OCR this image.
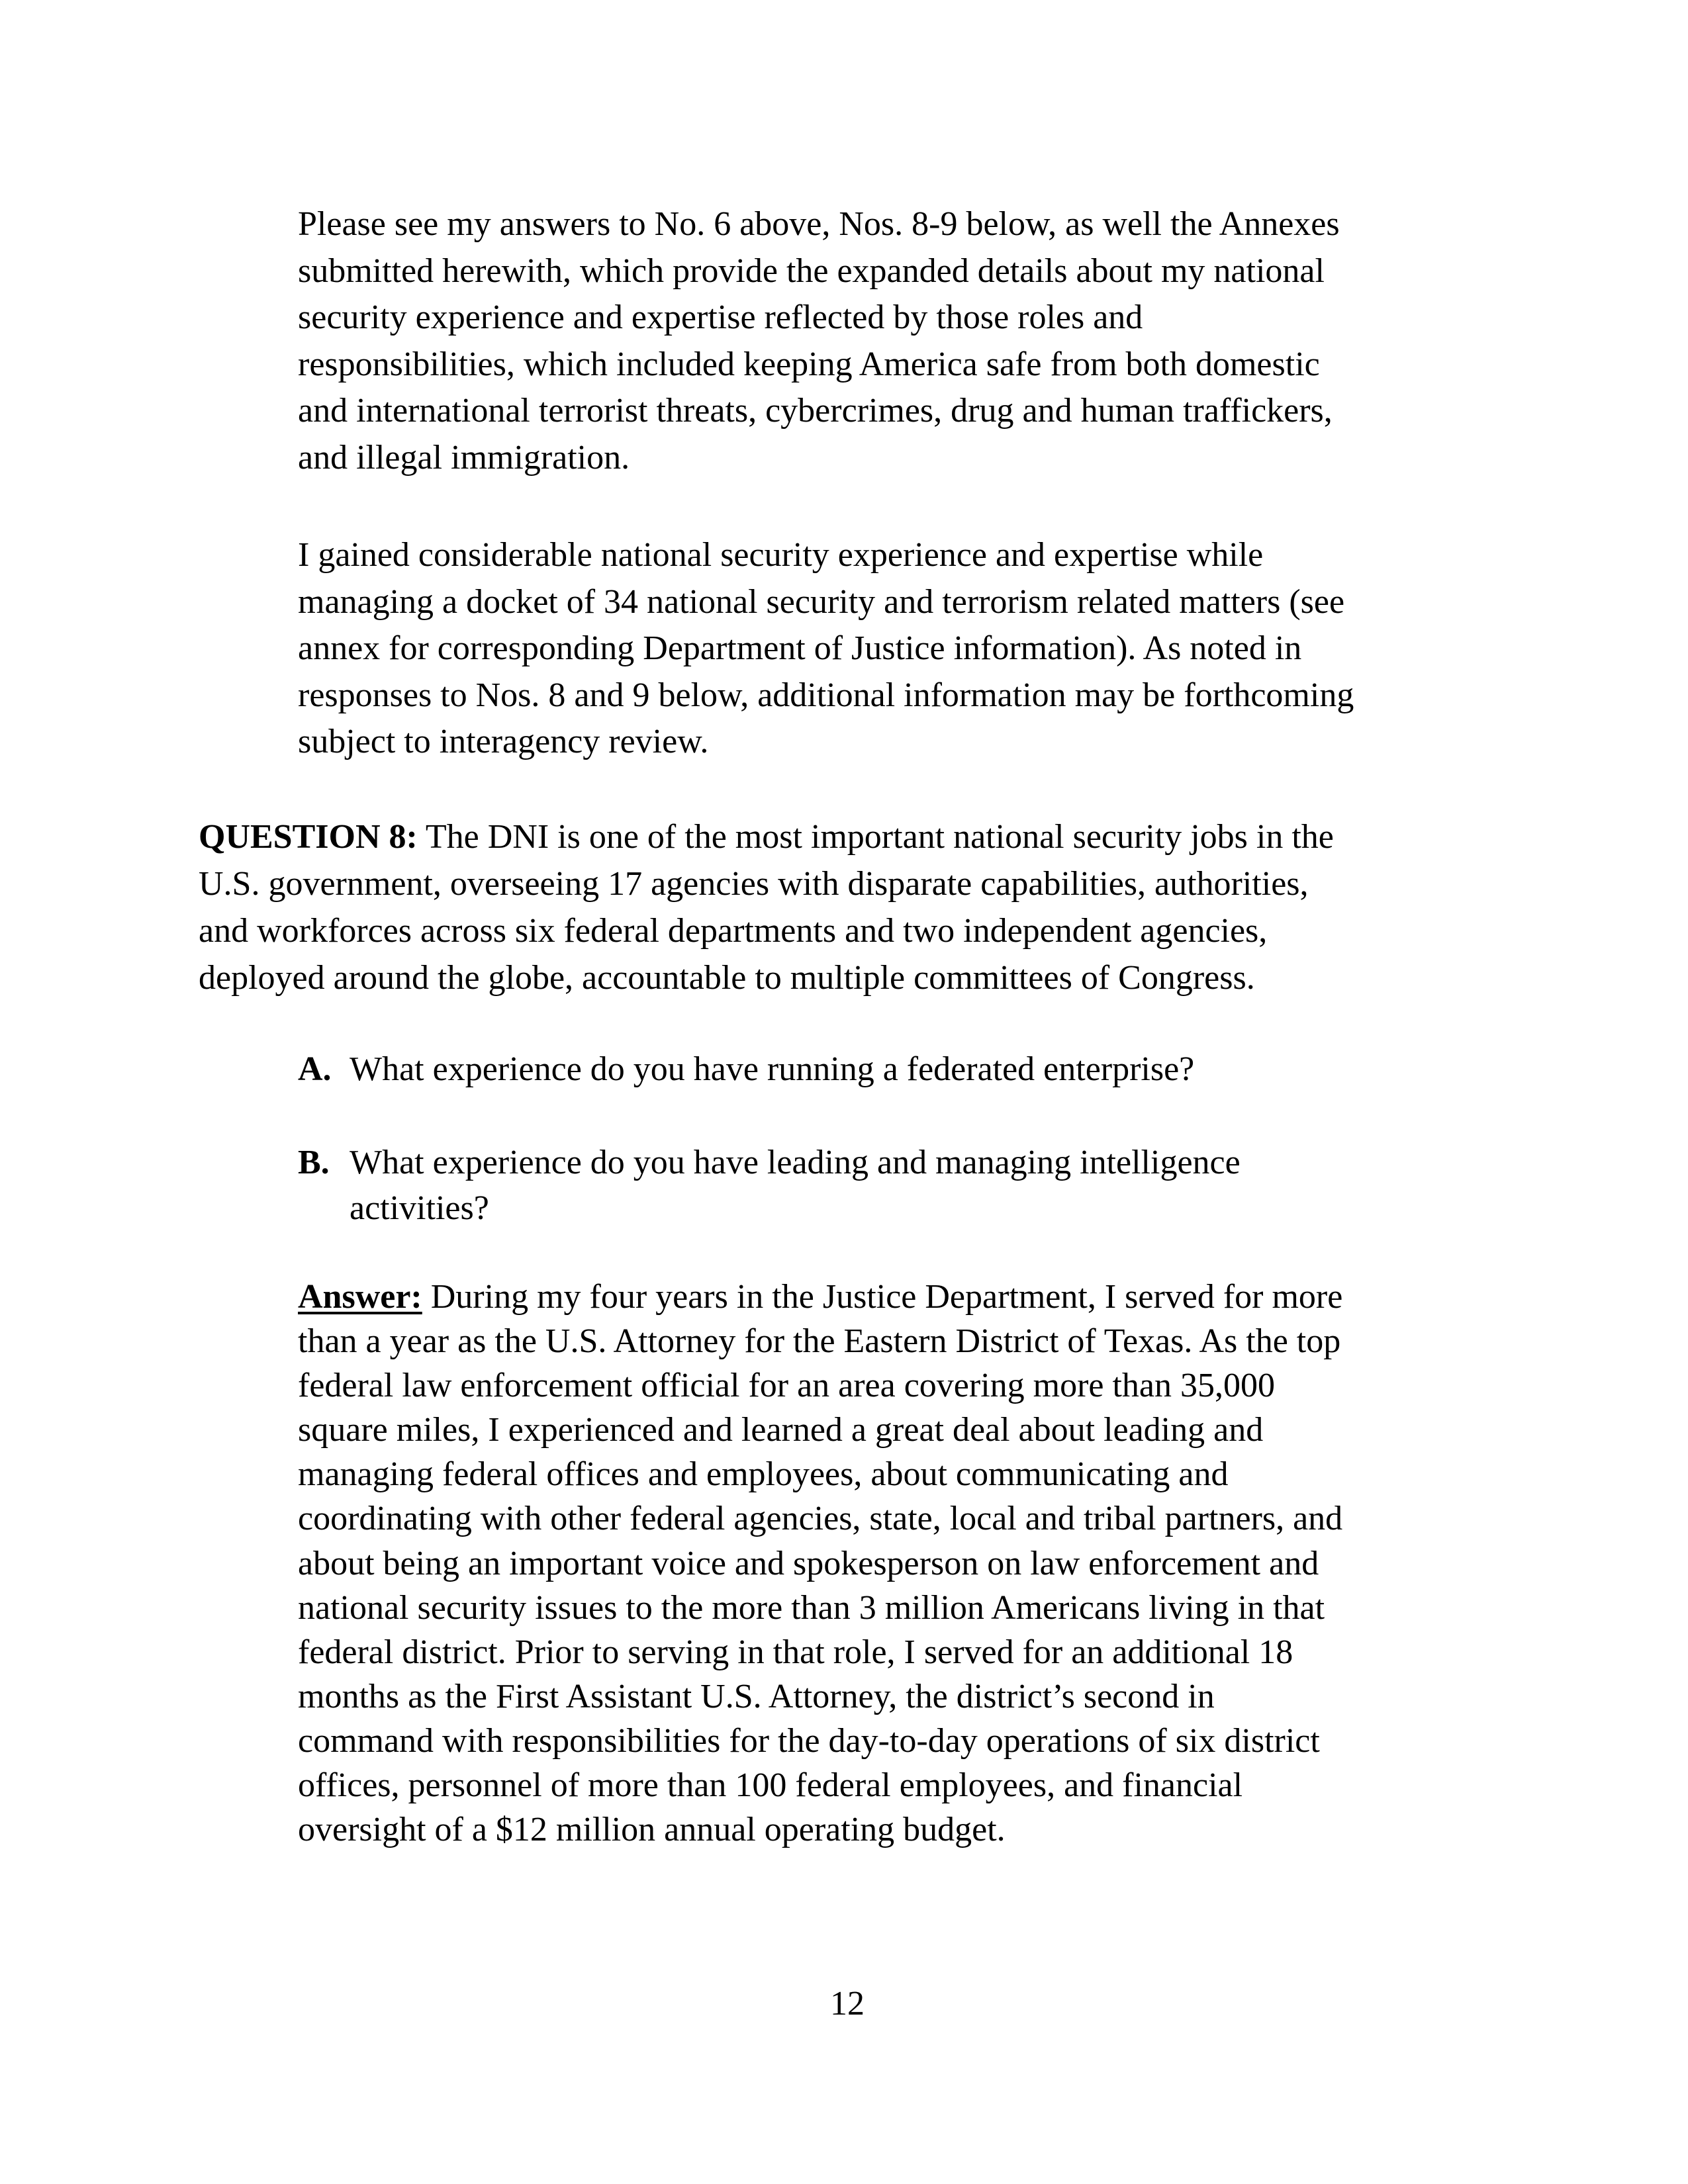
Please see my answers to No. 6 above, Nos. 8-9 below, as well the Annexes
submitted herewith, which provide the expanded details about my national
security experience and expertise reflected by those roles and
responsibilities, which included keeping America safe from both domestic
and international terrorist threats, cybercrimes, drug and human traffickers,
and illegal immigration.
I gained considerable national security experience and expertise while
managing a docket of 34 national security and terrorism related matters (see
annex for corresponding Department of Justice information). As noted in
responses to Nos. 8 and 9 below, additional information may be forthcoming
subject to interagency review.
QUESTION 8: The DNI is one of the most important national security jobs in the
U.S. government, overseeing 17 agencies with disparate capabilities, authorities,
and workforces across six federal departments and two independent agencies,
deployed around the globe, accountable to multiple committees of Congress.
A. What experience do you have running a federated enterprise?
B. What experience do you have leading and managing intelligence
activities?
Answer: During my four years in the Justice Department, I served for more
than a year as the U.S. Attorney for the Eastern District of Texas. As the top
federal law enforcement official for an area covering more than 35,000
square miles, I experienced and learned a great deal about leading and
managing federal offices and employees, about communicating and
coordinating with other federal agencies, state, local and tribal partners, and
about being an important voice and spokesperson on law enforcement and
national security issues to the more than 3 million Americans living in that
federal district. Prior to serving in that role, I served for an additional 18
months as the First Assistant U.S. Attorney, the district’s second in
command with responsibilities for the day-to-day operations of six district
offices, personnel of more than 100 federal employees, and financial
oversight of a $12 million annual operating budget.
12
